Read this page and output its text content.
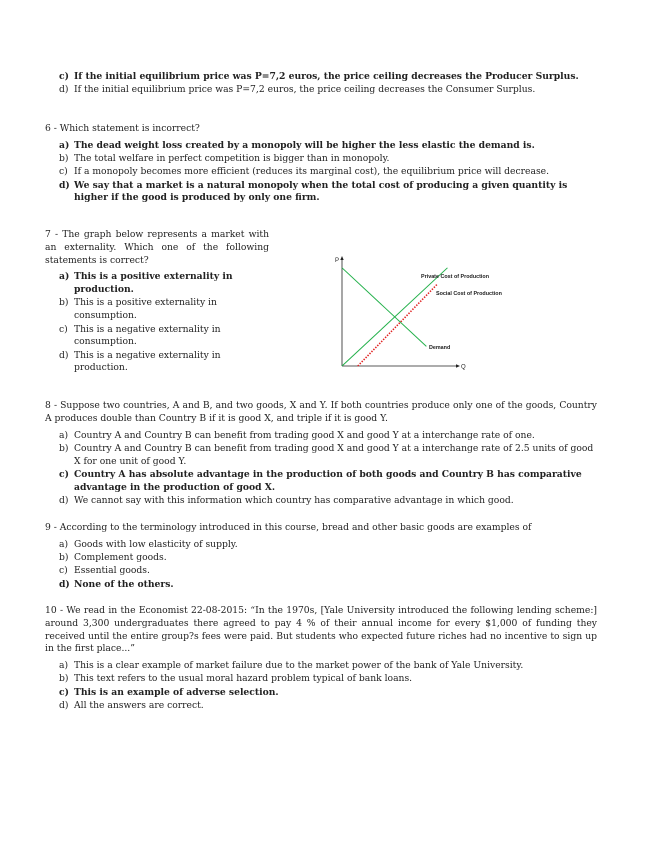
c) If the initial equilibrium price was P=7,2 euros, the price ceiling decreases the Producer Surplus.
d) If the initial equilibrium price was P=7,2 euros, the price ceiling decreases the Consumer Surplus.

6 - Which statement is incorrect?

a) The dead weight loss created by a monopoly will be higher the less elastic the demand is.
b) The total welfare in perfect competition is bigger than in monopoly.
c) If a monopoly becomes more efficient (reduces its marginal cost), the equilibrium price will decrease.
d) We say that a market is a natural monopoly when the total cost of producing a given quantity is higher if the good is produced by only one firm.

7 - The graph below represents a market with an externality. Which one of the following statements is correct?

a) This is a positive externality in production.
b) This is a positive externality in consumption.
c) This is a negative externality in consumption.
d) This is a negative externality in production.
P
Q
Private Cost of Production
Social Cost of Production
Demand

8 - Suppose two countries, A and B, and two goods, X and Y. If both countries produce only one of the goods, Country A produces double than Country B if it is good X, and triple if it is good Y.

a) Country A and Country B can benefit from trading good X and good Y at a interchange rate of one.
b) Country A and Country B can benefit from trading good X and good Y at a interchange rate of 2.5 units of good X for one unit of good Y.
c) Country A has absolute advantage in the production of both goods and Country B has comparative advantage in the production of good X.
d) We cannot say with this information which country has comparative advantage in which good.

9 - According to the terminology introduced in this course, bread and other basic goods are examples of

a) Goods with low elasticity of supply.
b) Complement goods.
c) Essential goods.
d) None of the others.

10 - We read in the Economist 22-08-2015: “In the 1970s, [Yale University introduced the following lending scheme:] around 3,300 undergraduates there agreed to pay 4 % of their annual income for every $1,000 of funding they received until the entire group?s fees were paid. But students who expected future riches had no incentive to sign up in the first place...”

a) This is a clear example of market failure due to the market power of the bank of Yale University.
b) This text refers to the usual moral hazard problem typical of bank loans.
c) This is an example of adverse selection.
d) All the answers are correct.
